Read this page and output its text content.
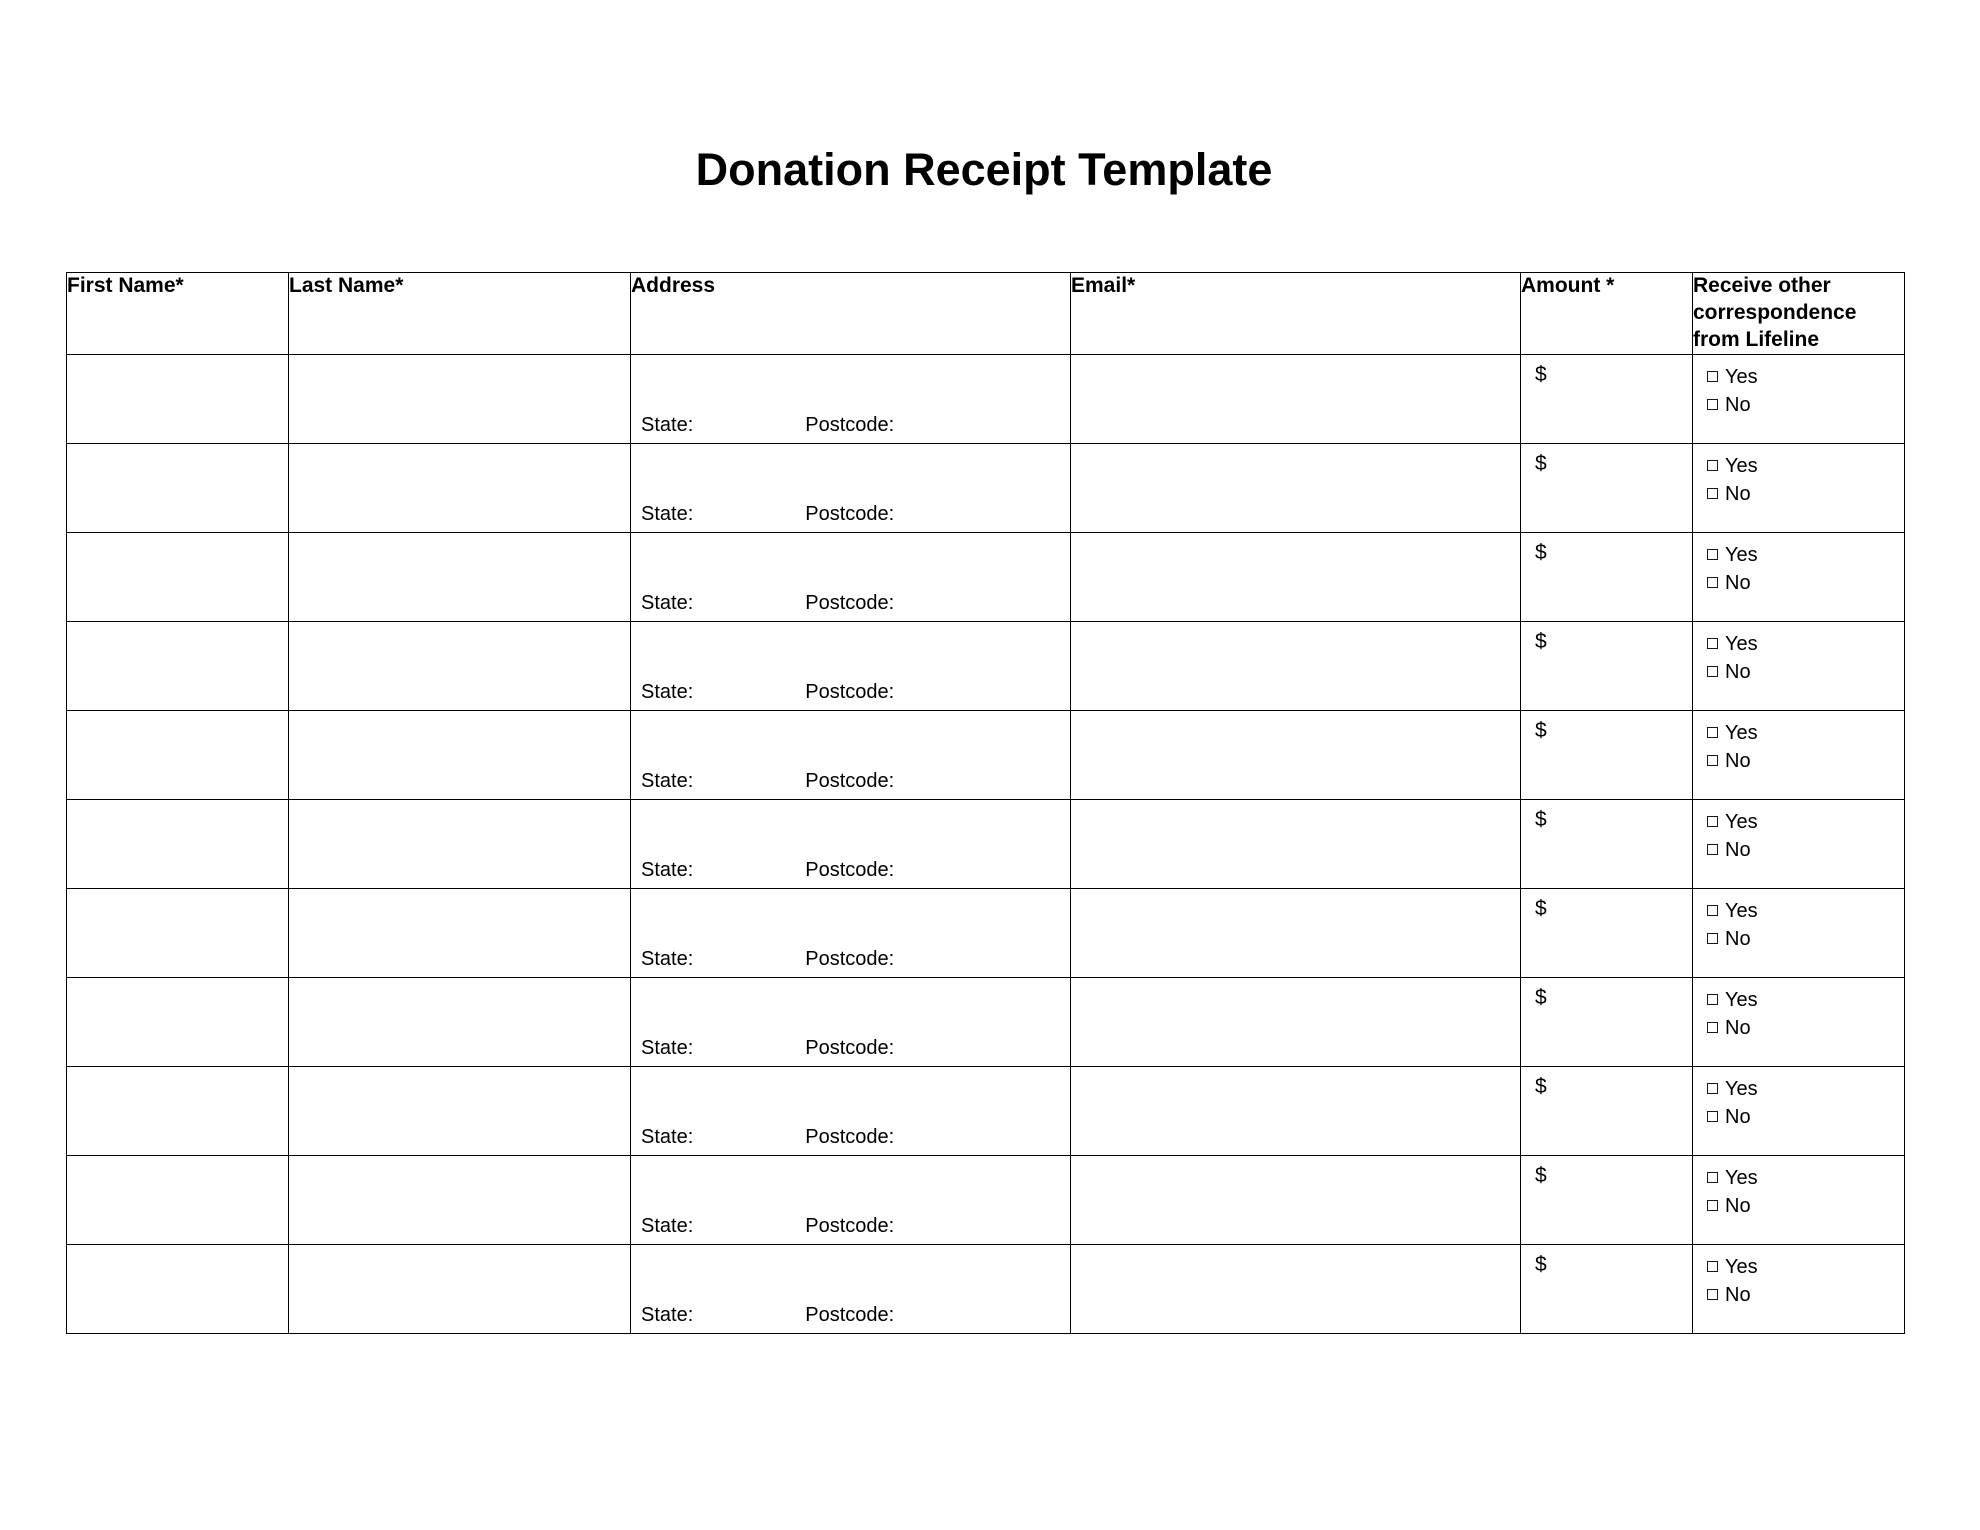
Donation Receipt Template
First Name*	Last Name*	Address	Email*	Amount *	Receive other correspondence from Lifeline

		State: Postcode:		$	Yes
No

		State: Postcode:		$	Yes
No

		State: Postcode:		$	Yes
No

		State: Postcode:		$	Yes
No

		State: Postcode:		$	Yes
No

		State: Postcode:		$	Yes
No

		State: Postcode:		$	Yes
No

		State: Postcode:		$	Yes
No

		State: Postcode:		$	Yes
No

		State: Postcode:		$	Yes
No

		State: Postcode:		$	Yes
No
